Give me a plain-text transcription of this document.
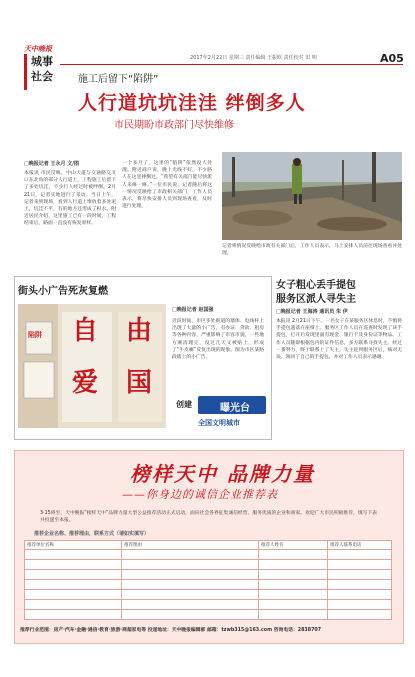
天中晚报
城事社会
2017年2月22日 星期三 责任编辑 王振欧 责任校对 田 明	A05
施工后留下“陷阱”
人行道坑坑洼洼 绊倒多人
市民期盼市政部门尽快维修
□晚报记者 王永月 文/图
本报讯 市民反映，中山大道与交通路交叉口东北角的部分人行道上，工程施工后留下了多处坑洼，不少行人经过时被绊倒。2月21日，记者实地进行了采访。当日上午，记者来到现场，看到人行道上堆放着多处泥土，坑洼不平，有的地方还形成了积水。附近居民介绍，这里施工已有一段时间，工程结束后，路面一直没有恢复原样。
一个多月了，这里的“陷阱”依然没人处理。附近商户说，晚上光线不好，不少路人在这里摔倒过。“希望有关部门能尽快派人来修一修。”一位市民说。记者随后将这一情况反映给了市政相关部门，工作人员表示，将尽快安排人员到现场查看，及时进行处理。
记者将情况反映给市政有关部门后，工作人员表示，马上安排人员前往现场查看并处理。
街头小广告死灰复燃
陷阱 自 由
爱 国
□晚报记者 赵国强
近段时间，市区多处街道的墙体、电线杆上出现了大量的小广告，有办证、贷款、租房等各种内容，严重影响了市容市貌。一些地方刚清理完，没过几天又被贴上，形成了“牛皮癣”反复出现的现象。图为市区某路段墙上的小广告。
创建	曝光台
全国文明城市
女子粗心丢手提包
服务区派人寻失主
□晚报记者 王海涛 通讯员 朱 伊
本报讯 2月21日下午，一名女子在某服务区休息时，不慎将手提包遗落在座椅上。服务区工作人员在巡查时发现了该手提包，打开后发现里面有现金、银行卡及身份证等物品。工作人员随即根据包内的证件信息，多方联系寻找失主。经过一番努力，终于联系上了失主。失主赶到服务区后，核对无误，领回了自己的手提包，并对工作人员表示感谢。
榜样天中 品牌力量
——你身边的诚信企业推荐表
3·15将至，天中晚报“榜样天中”品牌力量大型公益推荐活动正式启动，面向社会各界征集诚信经营、服务优质的企业和商家。欢迎广大市民积极推荐，填写下表并投递至本报。
推荐企业名称、推荐理由，联系方式（请如实填写）
推荐单位名称	推荐理由	推荐人姓名	推荐人联系电话

推荐行业范围：房产·汽车·金融·通信·教育·旅游·商超家电等 投递地址：天中晚报编辑部 邮箱：tzwb315@163.com 咨询电话：2838707
